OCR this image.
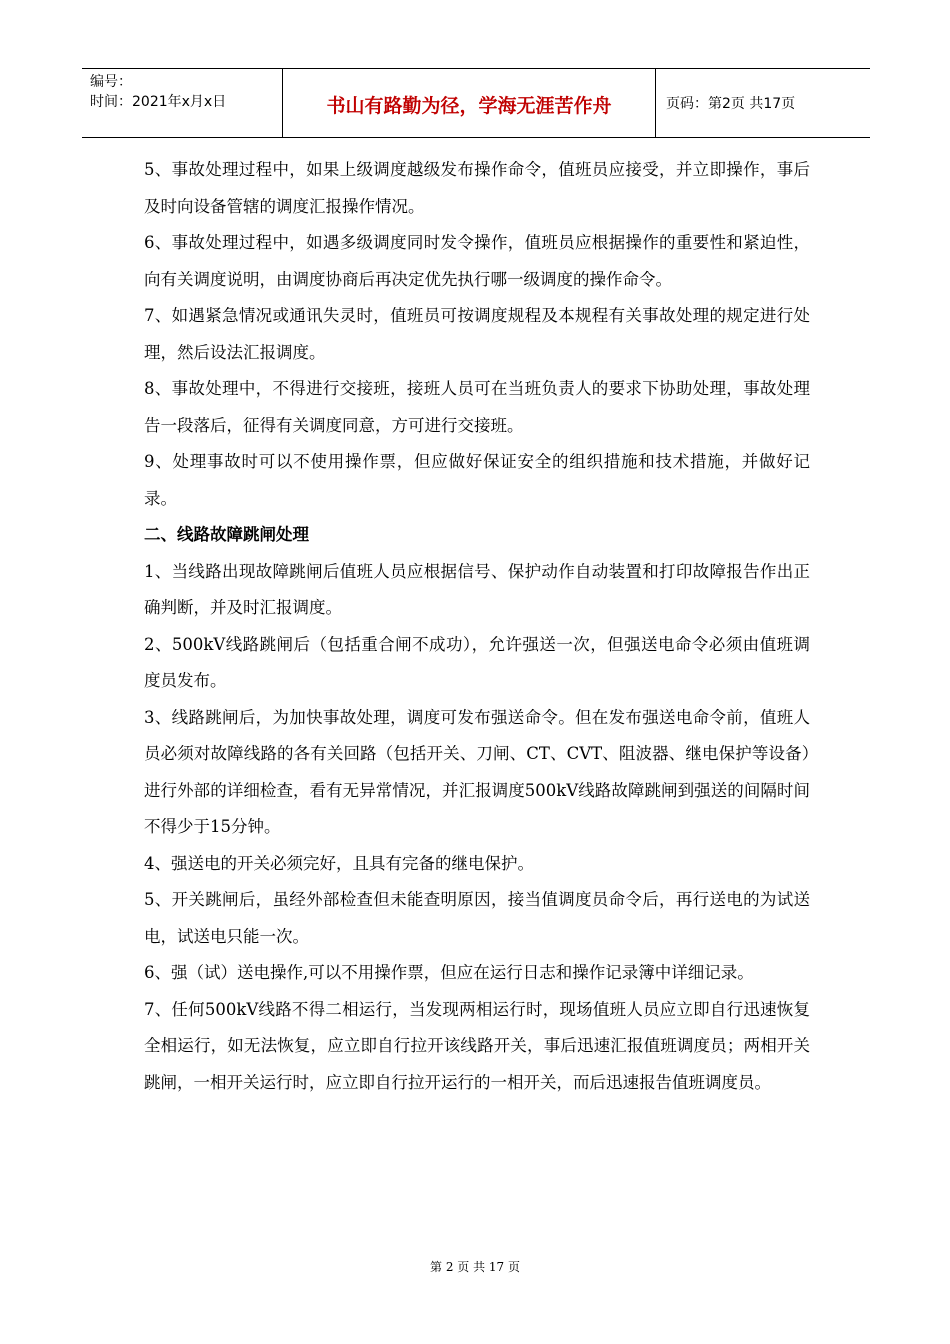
编号：
时间：2021年x月x日	书山有路勤为径，学海无涯苦作舟	页码：第2页 共17页

5、事故处理过程中，如果上级调度越级发布操作命令，值班员应接受，并立即操作，事后及时向设备管辖的调度汇报操作情况。

6、事故处理过程中，如遇多级调度同时发令操作，值班员应根据操作的重要性和紧迫性，向有关调度说明，由调度协商后再决定优先执行哪一级调度的操作命令。

7、如遇紧急情况或通讯失灵时，值班员可按调度规程及本规程有关事故处理的规定进行处理，然后设法汇报调度。

8、事故处理中，不得进行交接班，接班人员可在当班负责人的要求下协助处理，事故处理告一段落后，征得有关调度同意，方可进行交接班。

9、处理事故时可以不使用操作票，但应做好保证安全的组织措施和技术措施，并做好记录。

二、线路故障跳闸处理

1、当线路出现故障跳闸后值班人员应根据信号、保护动作自动装置和打印故障报告作出正确判断，并及时汇报调度。

2、500kV线路跳闸后（包括重合闸不成功），允许强送一次，但强送电命令必须由值班调度员发布。

3、线路跳闸后，为加快事故处理，调度可发布强送命令。但在发布强送电命令前，值班人员必须对故障线路的各有关回路（包括开关、刀闸、CT、CVT、阻波器、继电保护等设备）进行外部的详细检查，看有无异常情况，并汇报调度500kV线路故障跳闸到强送的间隔时间不得少于15分钟。

4、强送电的开关必须完好，且具有完备的继电保护。

5、开关跳闸后，虽经外部检查但未能查明原因，接当值调度员命令后，再行送电的为试送电，试送电只能一次。

6、强（试）送电操作,可以不用操作票，但应在运行日志和操作记录簿中详细记录。

7、任何500kV线路不得二相运行，当发现两相运行时，现场值班人员应立即自行迅速恢复全相运行，如无法恢复，应立即自行拉开该线路开关，事后迅速汇报值班调度员；两相开关跳闸，一相开关运行时，应立即自行拉开运行的一相开关，而后迅速报告值班调度员。

第 2 页 共 17 页
